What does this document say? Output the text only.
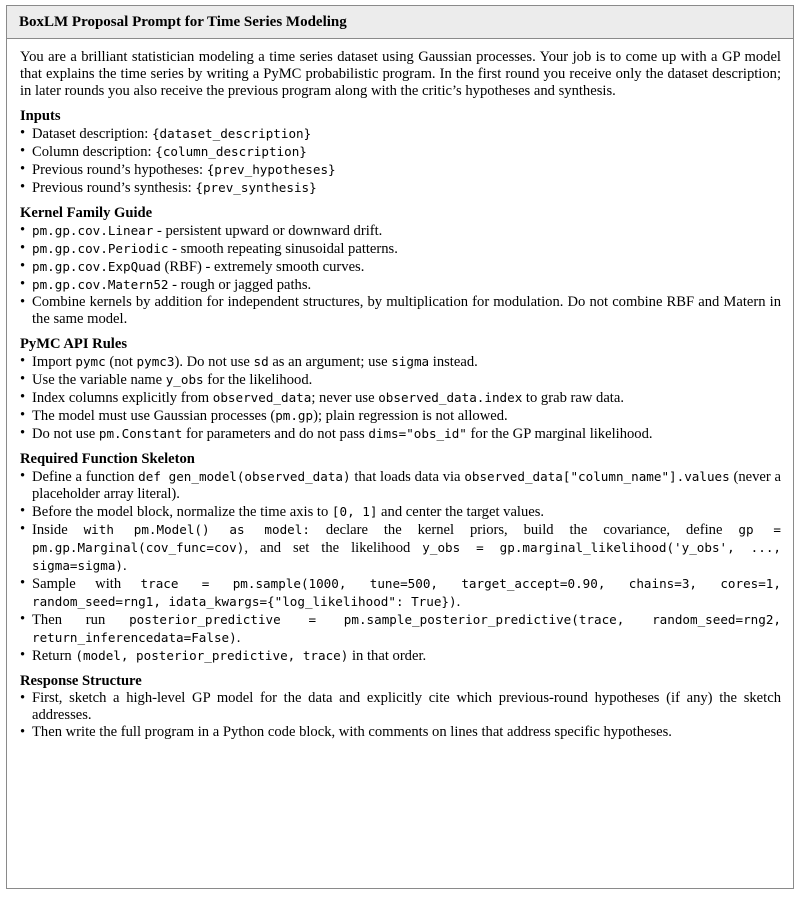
BoxLM Proposal Prompt for Time Series Modeling

You are a brilliant statistician modeling a time series dataset using Gaussian processes. Your job is to come up with a GP model that explains the time series by writing a PyMC probabilistic program. In the first round you receive only the dataset description; in later rounds you also receive the previous program along with the critic’s hypotheses and synthesis.

Inputs

• Dataset description: {dataset_description}
• Column description: {column_description}
• Previous round’s hypotheses: {prev_hypotheses}
• Previous round’s synthesis: {prev_synthesis}

Kernel Family Guide

• pm.gp.cov.Linear - persistent upward or downward drift.
• pm.gp.cov.Periodic - smooth repeating sinusoidal patterns.
• pm.gp.cov.ExpQuad (RBF) - extremely smooth curves.
• pm.gp.cov.Matern52 - rough or jagged paths.
• Combine kernels by addition for independent structures, by multiplication for modulation. Do not combine RBF and Matern in the same model.

PyMC API Rules

• Import pymc (not pymc3). Do not use sd as an argument; use sigma instead.
• Use the variable name y_obs for the likelihood.
• Index columns explicitly from observed_data; never use observed_data.index to grab raw data.
• The model must use Gaussian processes (pm.gp); plain regression is not allowed.
• Do not use pm.Constant for parameters and do not pass dims="obs_id" for the GP marginal likelihood.

Required Function Skeleton

• Define a function def gen_model(observed_data) that loads data via observed_data["column_name"].values (never a placeholder array literal).
• Before the model block, normalize the time axis to [0, 1] and center the target values.
• Inside with pm.Model() as model: declare the kernel priors, build the covariance, define gp = pm.gp.Marginal(cov_func=cov), and set the likelihood y_obs = gp.marginal_likelihood('y_obs', ..., sigma=sigma).
• Sample with trace = pm.sample(1000, tune=500, target_accept=0.90, chains=3, cores=1, random_seed=rng1, idata_kwargs={"log_likelihood": True}).
• Then run posterior_predictive = pm.sample_posterior_predictive(trace, random_seed=rng2, return_inferencedata=False).
• Return (model, posterior_predictive, trace) in that order.

Response Structure

• First, sketch a high-level GP model for the data and explicitly cite which previous-round hypotheses (if any) the sketch addresses.
• Then write the full program in a Python code block, with comments on lines that address specific hypotheses.
